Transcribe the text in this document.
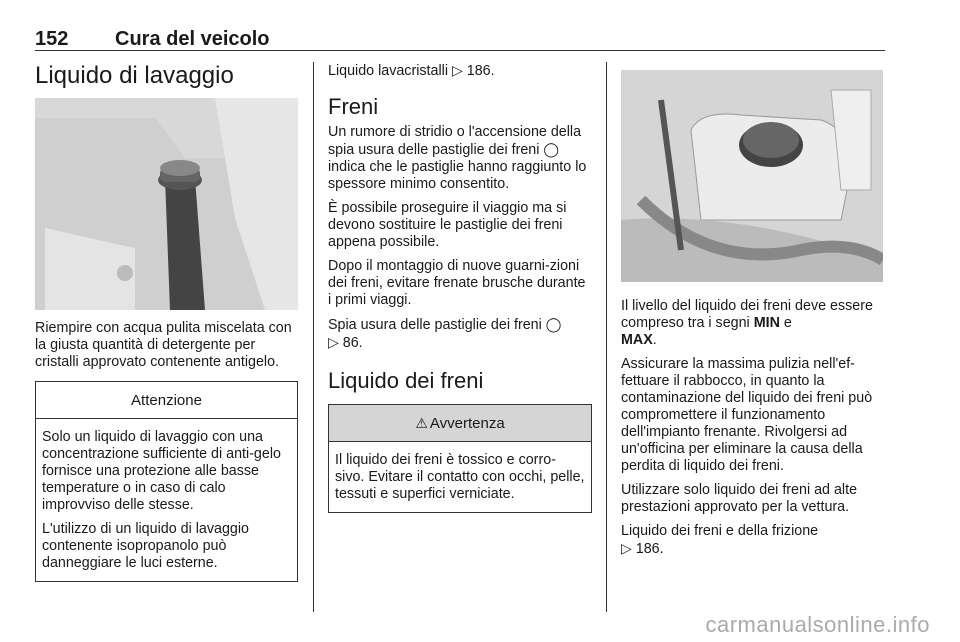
152 Cura del veicolo
Liquido di lavaggio

Riempire con acqua pulita miscelata con la giusta quantità di detergente per cristalli approvato contenente antigelo.

Attenzione

Solo un liquido di lavaggio con una concentrazione sufficiente di anti-gelo fornisce una protezione alle basse temperature o in caso di calo improvviso delle stesse.

L'utilizzo di un liquido di lavaggio contenente isopropanolo può danneggiare le luci esterne.

Liquido lavacristalli ▷ 186.

Freni

Un rumore di stridio o l'accensione della spia usura delle pastiglie dei freni ◯ indica che le pastiglie hanno raggiunto lo spessore minimo consentito.

È possibile proseguire il viaggio ma si devono sostituire le pastiglie dei freni appena possibile.

Dopo il montaggio di nuove guarni-zioni dei freni, evitare frenate brusche durante i primi viaggi.

Spia usura delle pastiglie dei freni ◯
▷ 86.

Liquido dei freni
⚠ Avvertenza

Il liquido dei freni è tossico e corro-sivo. Evitare il contatto con occhi, pelle, tessuti e superfici verniciate.

Il livello del liquido dei freni deve essere compreso tra i segni MIN e
MAX.

Assicurare la massima pulizia nell'ef-fettuare il rabbocco, in quanto la contaminazione del liquido dei freni può compromettere il funzionamento dell'impianto frenante. Rivolgersi ad un'officina per eliminare la causa della perdita di liquido dei freni.

Utilizzare solo liquido dei freni ad alte prestazioni approvato per la vettura.

Liquido dei freni e della frizione
▷ 186.

carmanualsonline.info
